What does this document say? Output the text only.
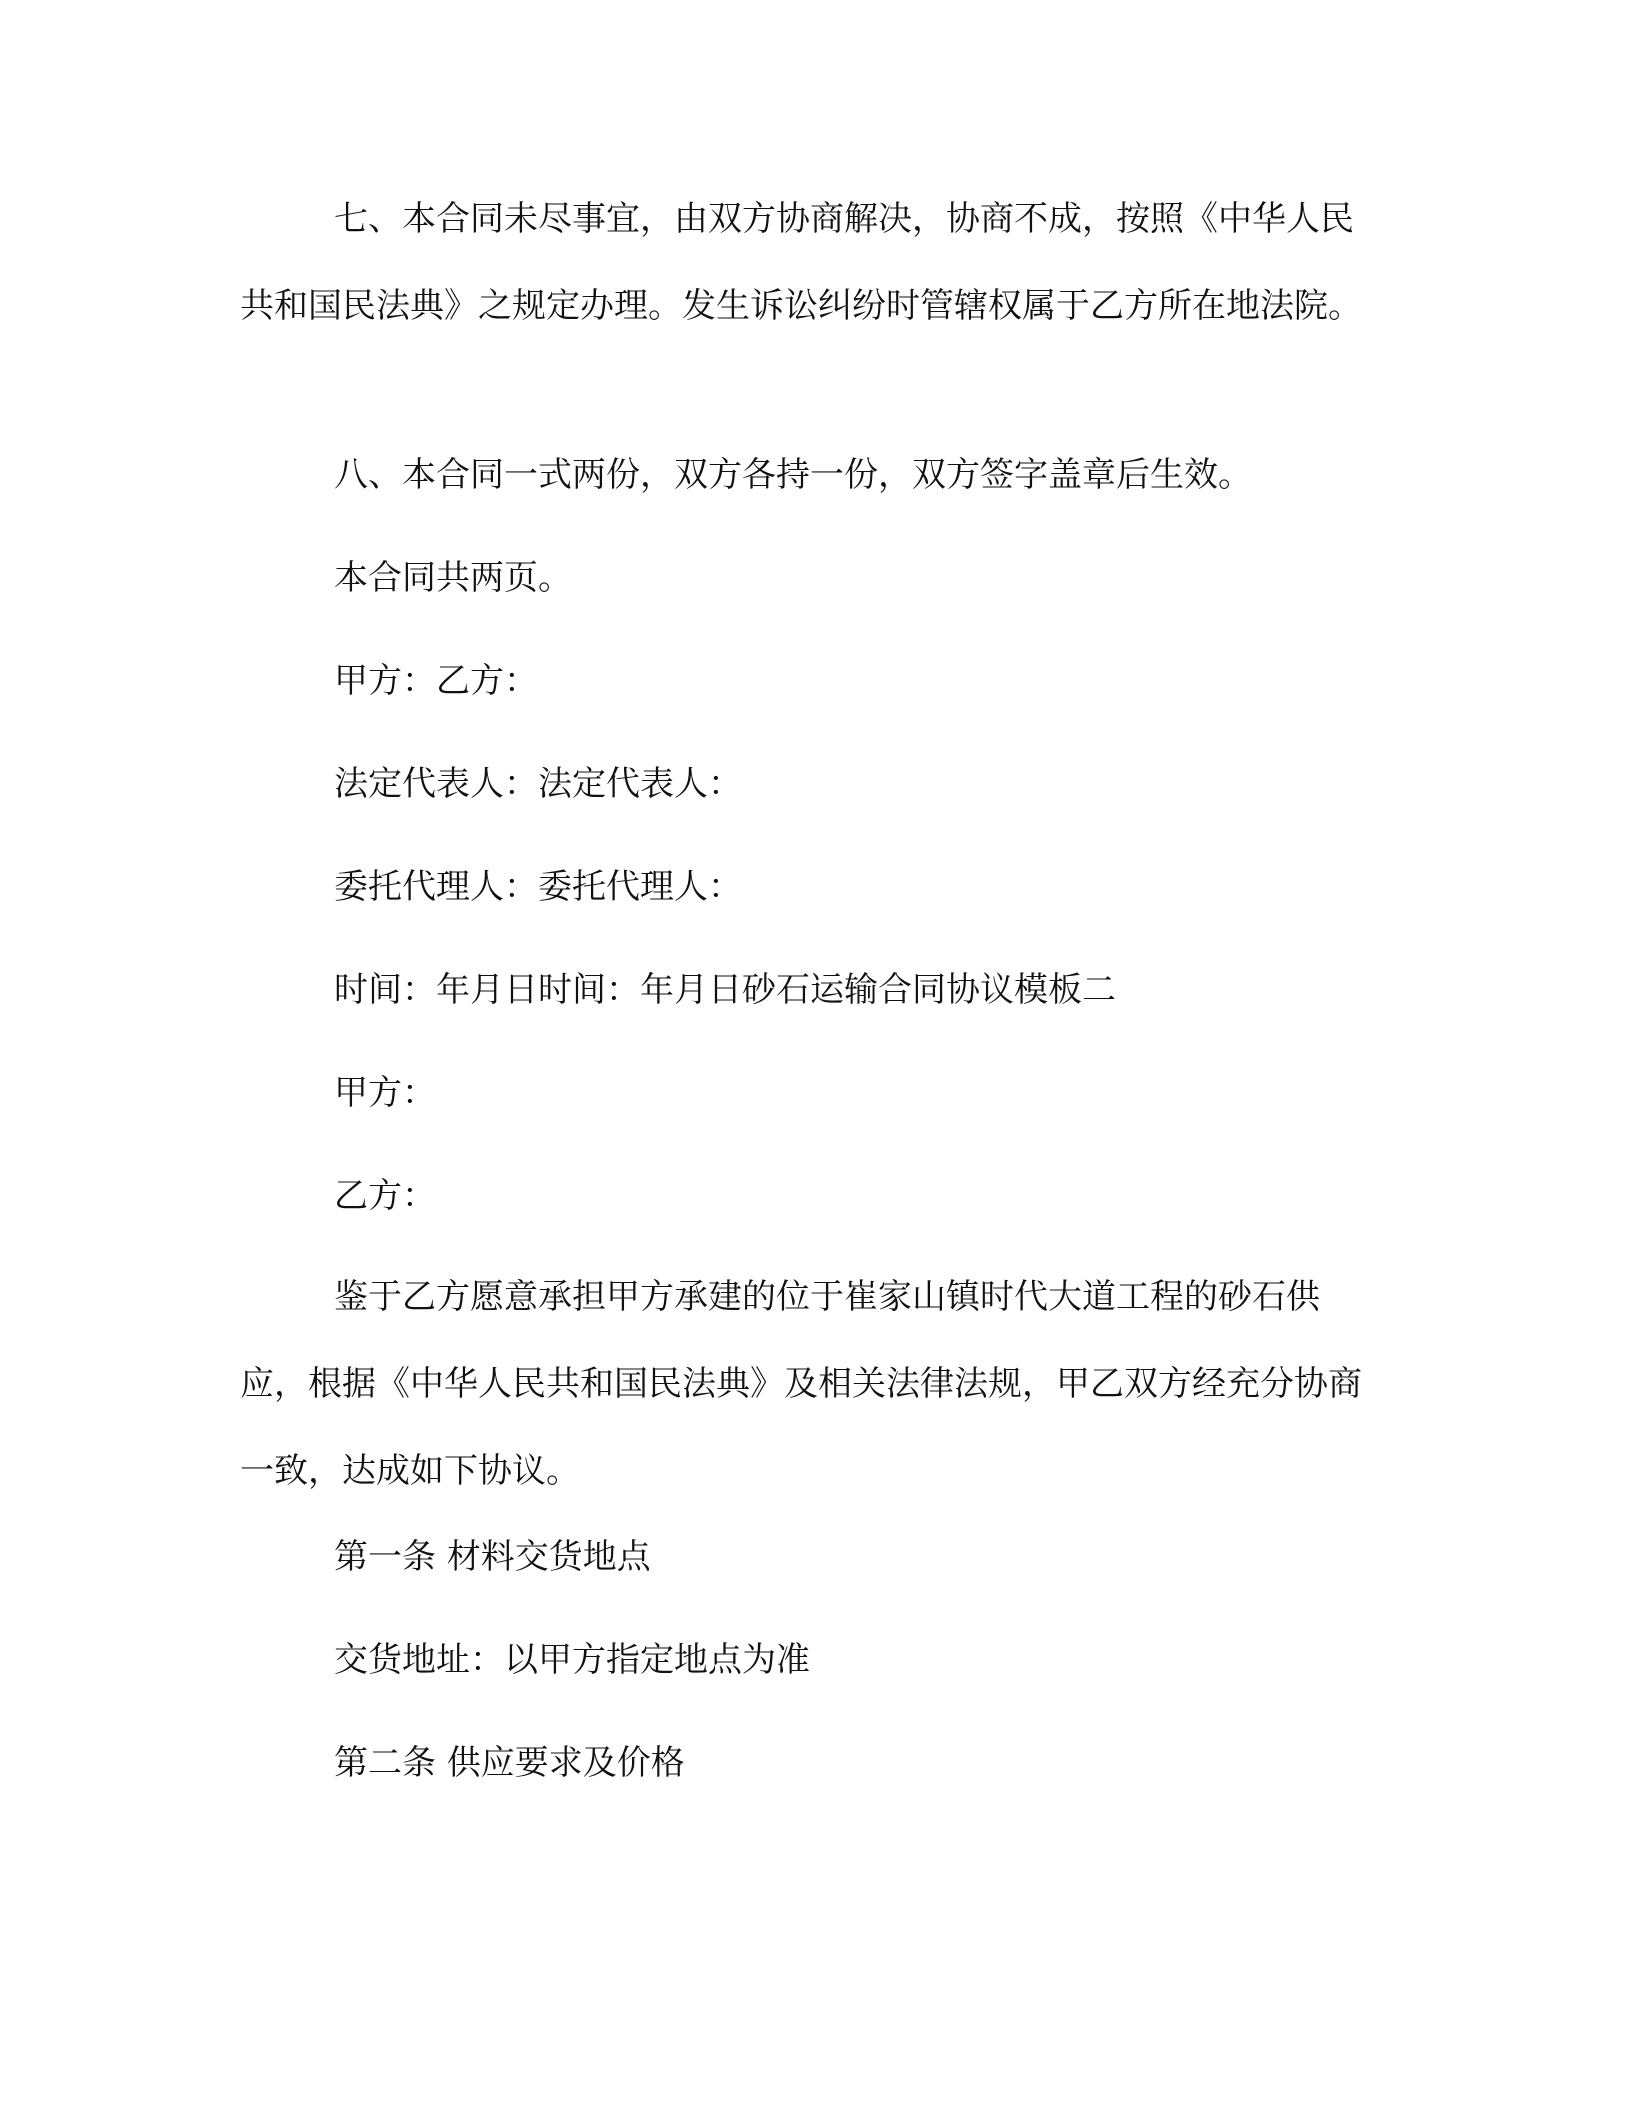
七、本合同未尽事宜，由双方协商解决，协商不成，按照《中华人民共和国民法典》之规定办理。发生诉讼纠纷时管辖权属于乙方所在地法院。

八、本合同一式两份，双方各持一份，双方签字盖章后生效。

本合同共两页。

甲方：乙方：

法定代表人：法定代表人：

委托代理人：委托代理人：

时间：年月日时间：年月日砂石运输合同协议模板二

甲方：

乙方：

鉴于乙方愿意承担甲方承建的位于崔家山镇时代大道工程的砂石供应，根据《中华人民共和国民法典》及相关法律法规，甲乙双方经充分协商一致，达成如下协议。

第一条 材料交货地点

交货地址：以甲方指定地点为准

第二条 供应要求及价格
